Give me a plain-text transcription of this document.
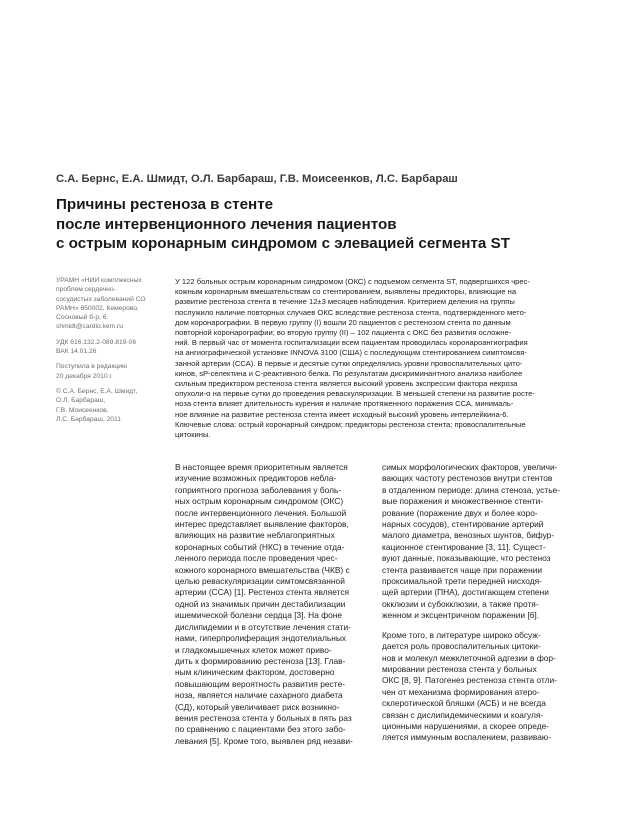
С.А. Бернс, Е.А. Шмидт, О.Л. Барбараш, Г.В. Моисеенков, Л.С. Барбараш
Причины рестеноза в стенте
после интервенционного лечения пациентов
с острым коронарным синдромом с элевацией сегмента ST
УРАМН «НИИ комплексных
проблем сердечно-
сосудистых заболеваний СО
РАМН» 650002, Кемерово,
Сосновый б-р, 6.
shmidt@cardio.kem.ru
УДК 616.132.2-089.819-06
ВАК 14.01.26
Поступила в редакцию
20 декабря 2010 г.
© С.А. Бернс, Е.А. Шмидт,
О.Л. Барбараш,
Г.В. Моисеенков,
Л.С. Барбараш, 2011
У 122 больных острым коронарным синдромом (ОКС) с подъемом сегмента ST, подвергшихся чрес-
кожным коронарным вмешательствам со стентированием, выявлены предикторы, влияющие на
развитие рестеноза стента в течение 12±3 месяцев наблюдения. Критерием деления на группы
послужило наличие повторных случаев ОКС вследствие рестеноза стента, подтвержденного мето-
дом коронарографии. В первую группу (I) вошли 20 пациентов с рестенозом стента по данным
повторной коронарографии; во вторую группу (II) – 102 пациента с ОКС без развития осложне-
ний. В первый час от момента госпитализации всем пациентам проводилась коронароангиография
на ангиографической установке INNOVA 3100 (США) с последующим стентированием симптомсвя-
занной артерии (ССА). В первые и десятые сутки определялись уровни провоспалительных цито-
кинов, sP-селектина и С-реактивного белка. По результатам дискриминантного анализа наиболее
сильным предиктором рестеноза стента является высокий уровень экспрессии фактора некроза
опухоли-α на первые сутки до проведения реваскуляризации. В меньшей степени на развитие росте-
ноза стента влияет длительность курения и наличие протяженного поражения ССА, минималь-
ное влияние на развитие рестеноза стента имеет исходный высокий уровень интерлейкина-6.
Ключевые слова: острый коронарный синдром; предикторы рестеноза стента; провоспалительные
цитокины.
В настоящее время приоритетным является
изучение возможных предикторов небла-
гоприятного прогноза заболевания у боль-
ных острым коронарным синдромом (ОКС)
после интервенционного лечения. Большой
интерес представляет выявление факторов,
влияющих на развитие неблагоприятных
коронарных событий (НКС) в течение отда-
ленного периода после проведения чрес-
кожного коронарного вмешательства (ЧКВ) с
целью реваскуляризации симтомсвязанной
артерии (ССА) [1]. Рестеноз стента является
одной из значимых причин дестабилизации
ишемической болезни сердца [3]. На фоне
дислипидемии и в отсутствие лечения стати-
нами, гиперпролиферация эндотелиальных
и гладкомышечных клеток может приво-
дить к формированию рестеноза [13]. Глав-
ным клиническим фактором, достоверно
повышающим вероятность развития рестe-
ноза, является наличие сахарного диабета
(СД), который увеличивает риск возникно-
вения рестеноза стента у больных в пять раз
по сравнению с пациентами без этого забо-
левания [5]. Кроме того, выявлен ряд незави-
симых морфологических факторов, увеличи-
вающих частоту рестенозов внутри стентов
в отдаленном периоде: длина стеноза, устье-
вые поражения и множественное стенти-
рование (поражение двух и более коро-
нарных сосудов), стентирование артерий
малого диаметра, венозных шунтов, бифур-
кационное стентирование [3, 11]. Сущест-
вуют данные, показывающие, что рестеноз
стента развивается чаще при поражении
проксимальной трети передней нисходя-
щей артерии (ПНА), достигающем степени
окклюзии и субокклюзии, а также протя-
женном и эксцентричном поражении [6].
Кроме того, в литературе широко обсуж-
дается роль провоспалительных цитоки-
нов и молекул межклеточной адгезии в фор-
мировании рестеноза стента у больных
ОКС [8, 9]. Патогенез рестеноза стента отли-
чен от механизма формирования атеро-
склеротической бляшки (АСБ) и не всегда
связан с дислипидемическими и коагуля-
ционными нарушениями, а скорее опреде-
ляется иммунным воспалением, развиваю-
